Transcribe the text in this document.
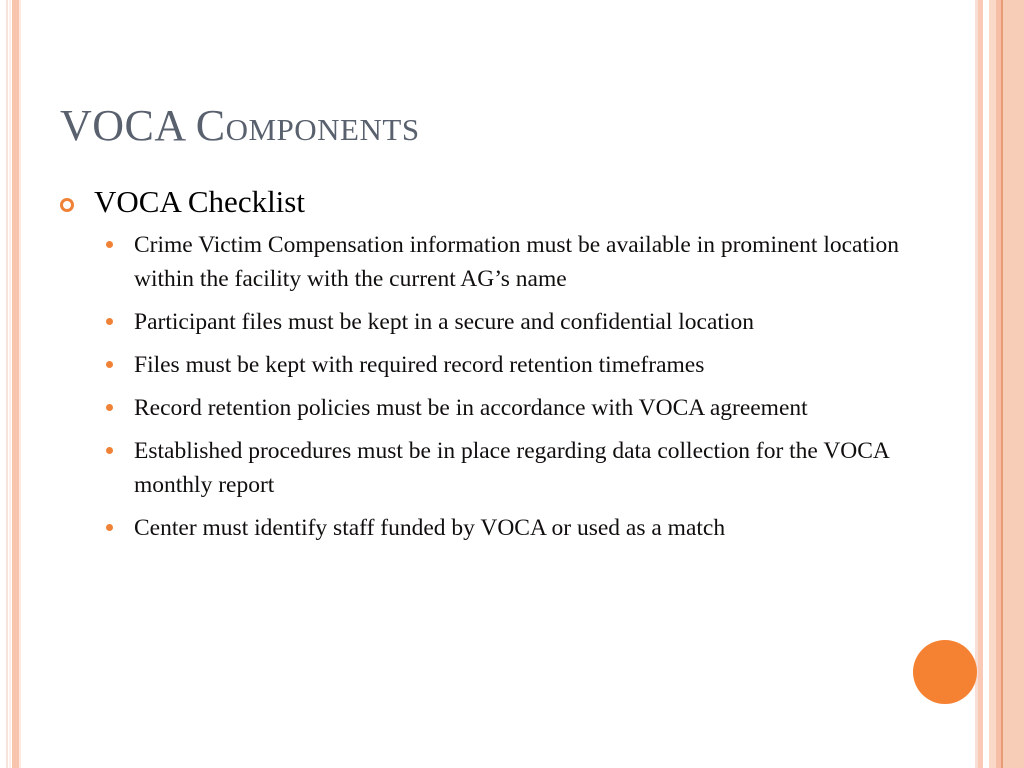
VOCA Components
VOCA Checklist
Crime Victim Compensation information must be available in prominent location within the facility with the current AG’s name
Participant files must be kept in a secure and confidential location
Files must be kept with required record retention timeframes
Record retention policies must be in accordance with VOCA agreement
Established procedures must be in place regarding data collection for the VOCA monthly report
Center must identify staff funded by VOCA or used as a match
